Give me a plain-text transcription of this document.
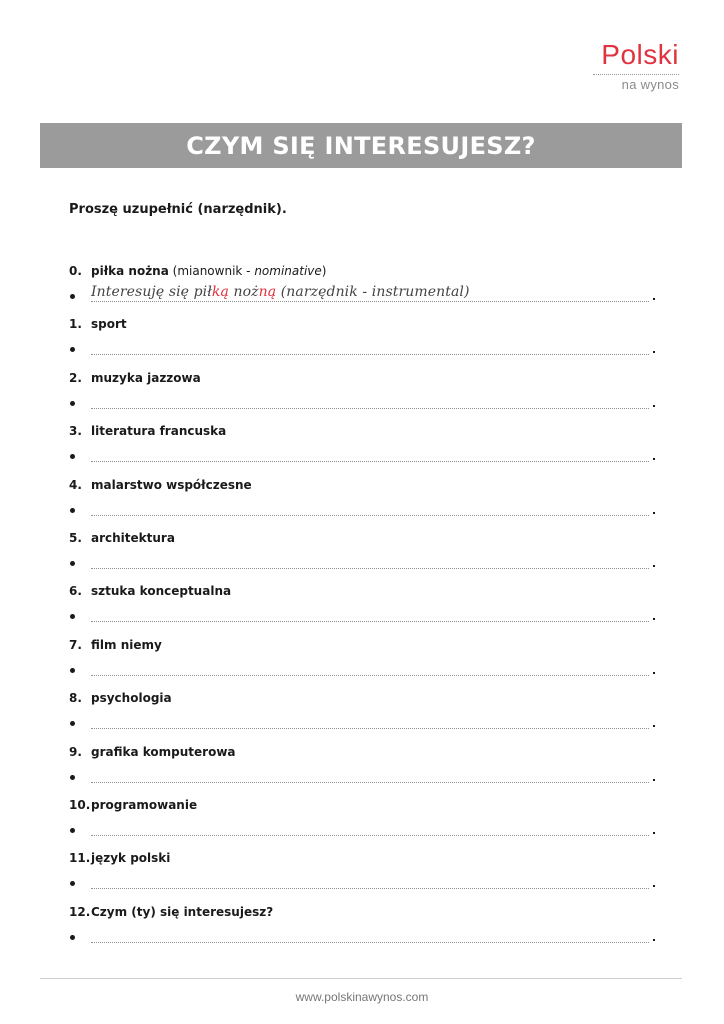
Polski
na wynos
CZYM SIĘ INTERESUJESZ?
Proszę uzupełnić (narzędnik).
0. piłka nożna (mianownik - nominative)
Interesuję się piłką nożną (narzędnik - instrumental)
1. sport
2. muzyka jazzowa
3. literatura francuska
4. malarstwo współczesne
5. architektura
6. sztuka konceptualna
7. film niemy
8. psychologia
9. grafika komputerowa
10.programowanie
11.język polski
12.Czym (ty) się interesujesz?
www.polskinawynos.com
